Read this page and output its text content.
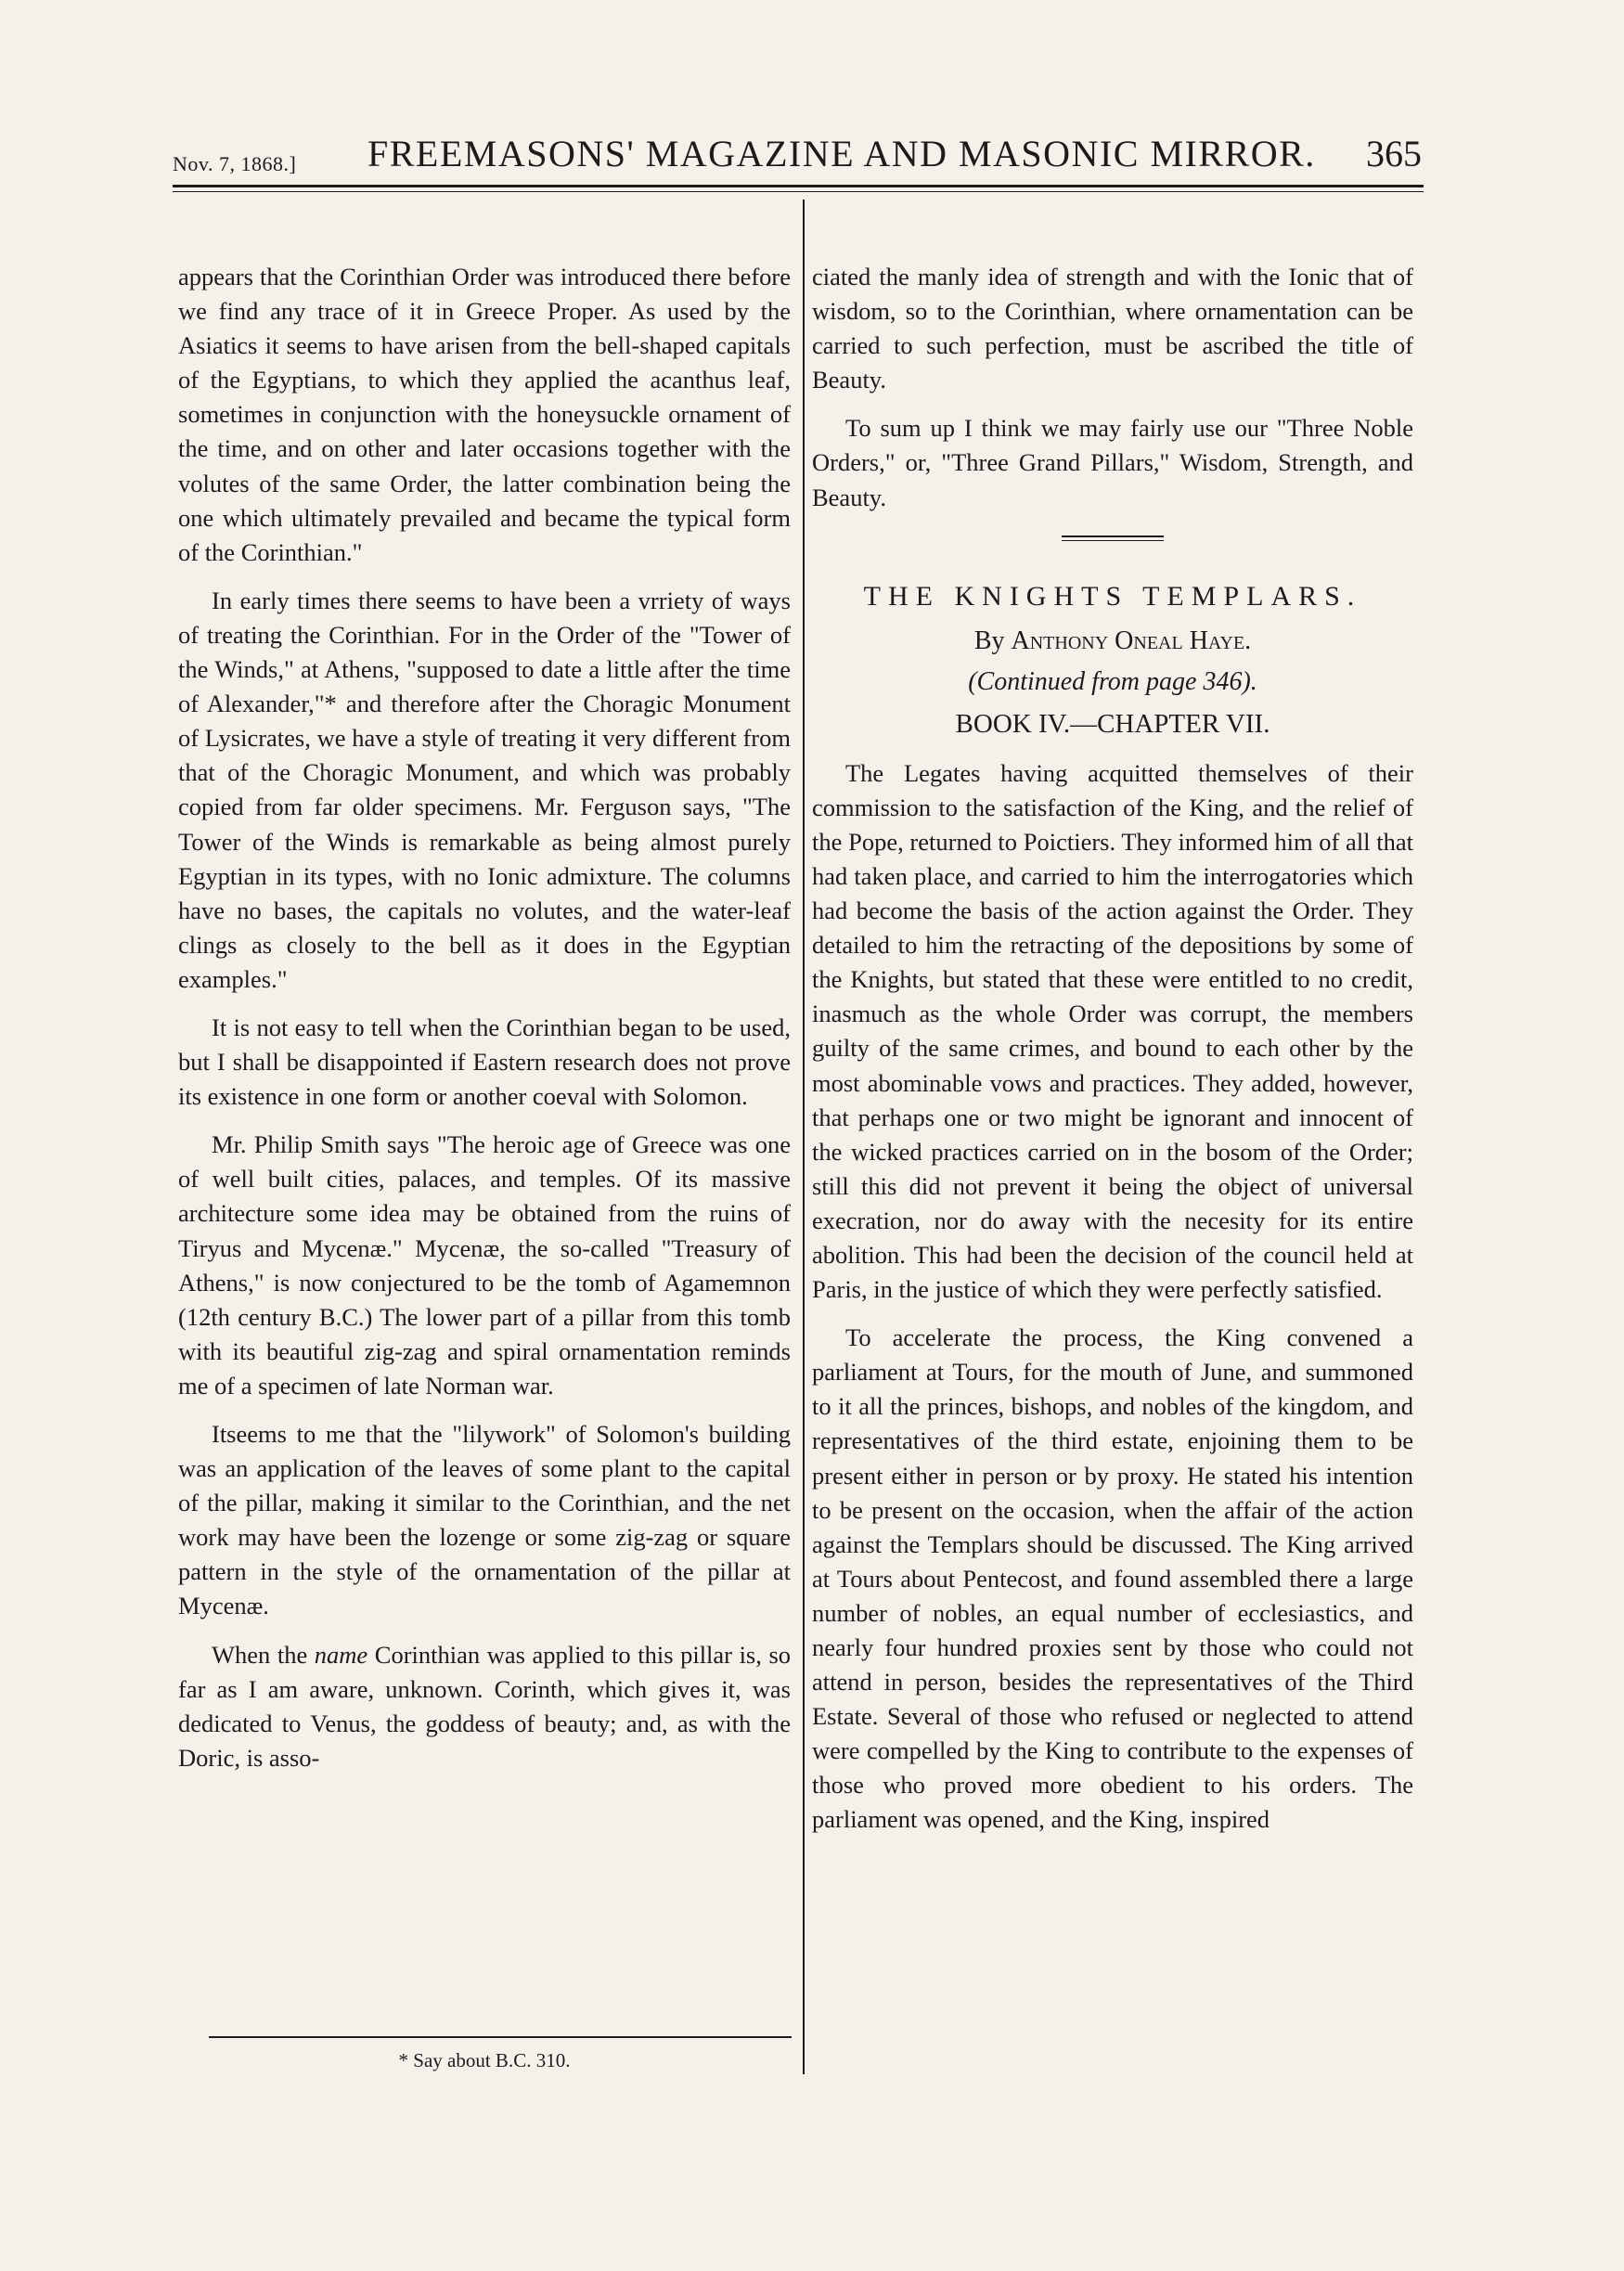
Nov. 7, 1868.] FREEMASONS' MAGAZINE AND MASONIC MIRROR. 365

appears that the Corinthian Order was introduced there before we find any trace of it in Greece Proper. As used by the Asiatics it seems to have arisen from the bell-shaped capitals of the Egyptians, to which they applied the acanthus leaf, sometimes in conjunction with the honeysuckle ornament of the time, and on other and later occasions together with the volutes of the same Order, the latter combination being the one which ultimately prevailed and became the typical form of the Corinthian."

In early times there seems to have been a vrriety of ways of treating the Corinthian. For in the Order of the "Tower of the Winds," at Athens, "supposed to date a little after the time of Alexander,"* and therefore after the Choragic Monument of Lysicrates, we have a style of treating it very different from that of the Choragic Monument, and which was probably copied from far older specimens. Mr. Ferguson says, "The Tower of the Winds is remarkable as being almost purely Egyptian in its types, with no Ionic admixture. The columns have no bases, the capitals no volutes, and the water-leaf clings as closely to the bell as it does in the Egyptian examples."

It is not easy to tell when the Corinthian began to be used, but I shall be disappointed if Eastern research does not prove its existence in one form or another coeval with Solomon.

Mr. Philip Smith says "The heroic age of Greece was one of well built cities, palaces, and temples. Of its massive architecture some idea may be obtained from the ruins of Tiryus and Mycenæ." Mycenæ, the so-called "Treasury of Athens," is now conjectured to be the tomb of Agamemnon (12th century B.C.) The lower part of a pillar from this tomb with its beautiful zig-zag and spiral ornamentation reminds me of a specimen of late Norman war.

Itseems to me that the "lilywork" of Solomon's building was an application of the leaves of some plant to the capital of the pillar, making it similar to the Corinthian, and the net work may have been the lozenge or some zig-zag or square pattern in the style of the ornamentation of the pillar at Mycenæ.

When the name Corinthian was applied to this pillar is, so far as I am aware, unknown. Corinth, which gives it, was dedicated to Venus, the goddess of beauty; and, as with the Doric, is asso-

* Say about B.C. 310.

ciated the manly idea of strength and with the Ionic that of wisdom, so to the Corinthian, where ornamentation can be carried to such perfection, must be ascribed the title of Beauty.

To sum up I think we may fairly use our "Three Noble Orders," or, "Three Grand Pillars," Wisdom, Strength, and Beauty.

THE KNIGHTS TEMPLARS.
By Anthony Oneal Haye.
(Continued from page 346).
BOOK IV.—CHAPTER VII.

The Legates having acquitted themselves of their commission to the satisfaction of the King, and the relief of the Pope, returned to Poictiers. They informed him of all that had taken place, and carried to him the interrogatories which had become the basis of the action against the Order. They detailed to him the retracting of the depositions by some of the Knights, but stated that these were entitled to no credit, inasmuch as the whole Order was corrupt, the members guilty of the same crimes, and bound to each other by the most abominable vows and practices. They added, however, that perhaps one or two might be ignorant and innocent of the wicked practices carried on in the bosom of the Order; still this did not prevent it being the object of universal execration, nor do away with the necesity for its entire abolition. This had been the decision of the council held at Paris, in the justice of which they were perfectly satisfied.

To accelerate the process, the King convened a parliament at Tours, for the mouth of June, and summoned to it all the princes, bishops, and nobles of the kingdom, and representatives of the third estate, enjoining them to be present either in person or by proxy. He stated his intention to be present on the occasion, when the affair of the action against the Templars should be discussed. The King arrived at Tours about Pentecost, and found assembled there a large number of nobles, an equal number of ecclesiastics, and nearly four hundred proxies sent by those who could not attend in person, besides the representatives of the Third Estate. Several of those who refused or neglected to attend were compelled by the King to contribute to the expenses of those who proved more obedient to his orders. The parliament was opened, and the King, inspired
